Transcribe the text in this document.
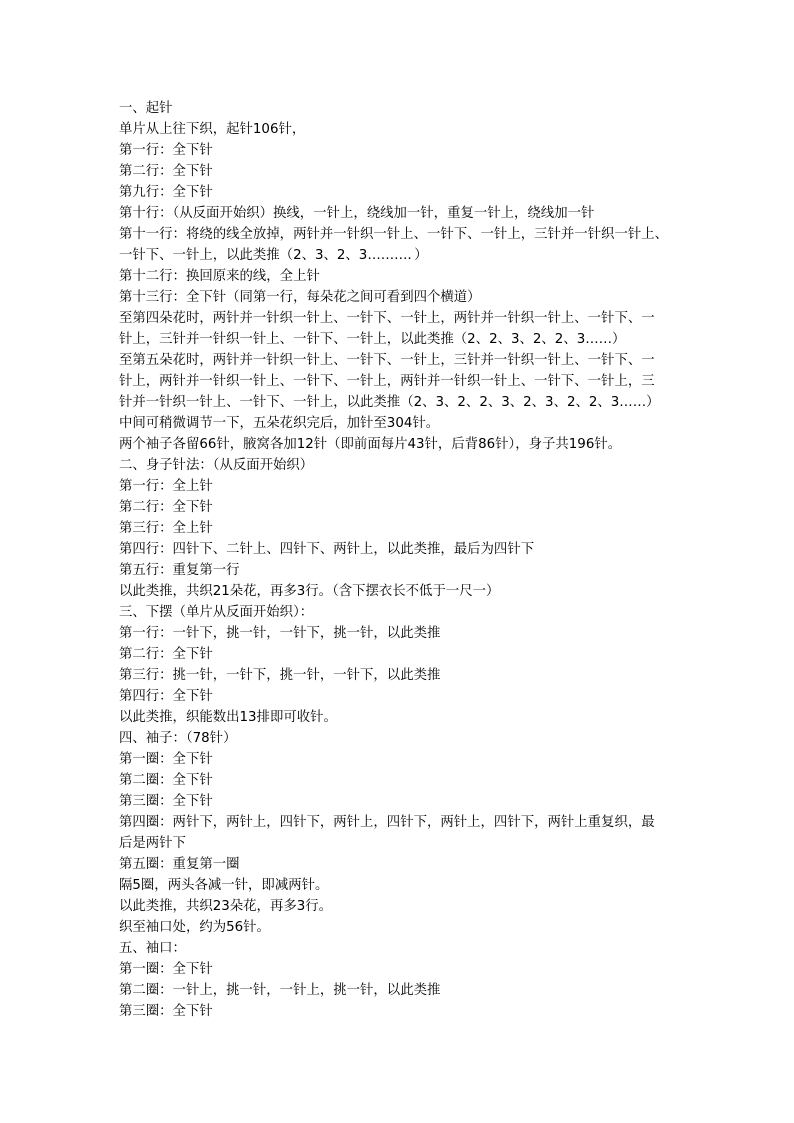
一、起针
单片从上往下织，起针106针，
第一行：全下针
第二行：全下针
第九行：全下针
第十行：（从反面开始织）换线，一针上，绕线加一针，重复一针上，绕线加一针
第十一行：将绕的线全放掉，两针并一针织一针上、一针下、一针上，三针并一针织一针上、
一针下、一针上，以此类推（2、3、2、3………．）
第十二行：换回原来的线，全上针
第十三行：全下针（同第一行，每朵花之间可看到四个横道）
至第四朵花时，两针并一针织一针上、一针下、一针上，两针并一针织一针上、一针下、一
针上，三针并一针织一针上、一针下、一针上，以此类推（2、2、3、2、2、3……）
至第五朵花时，两针并一针织一针上、一针下、一针上，三针并一针织一针上、一针下、一
针上，两针并一针织一针上、一针下、一针上，两针并一针织一针上、一针下、一针上，三
针并一针织一针上、一针下、一针上，以此类推（2、3、2、2、3、2、3、2、2、3……）
中间可稍微调节一下，五朵花织完后，加针至304针。
两个袖子各留66针，腋窝各加12针（即前面每片43针，后背86针），身子共196针。
二、身子针法：（从反面开始织）
第一行：全上针
第二行：全下针
第三行：全上针
第四行：四针下、二针上、四针下、两针上，以此类推，最后为四针下
第五行：重复第一行
以此类推，共织21朵花，再多3行。（含下摆衣长不低于一尺一）
三、下摆（单片从反面开始织）：
第一行：一针下，挑一针，一针下，挑一针，以此类推
第二行：全下针
第三行：挑一针，一针下，挑一针，一针下，以此类推
第四行：全下针
以此类推，织能数出13排即可收针。
四、袖子：（78针）
第一圈：全下针
第二圈：全下针
第三圈：全下针
第四圈：两针下，两针上，四针下，两针上，四针下，两针上，四针下，两针上重复织，最
后是两针下
第五圈：重复第一圈
隔5圈，两头各减一针，即减两针。
以此类推，共织23朵花，再多3行。
织至袖口处，约为56针。
五、袖口：
第一圈：全下针
第二圈：一针上，挑一针，一针上，挑一针，以此类推
第三圈：全下针
